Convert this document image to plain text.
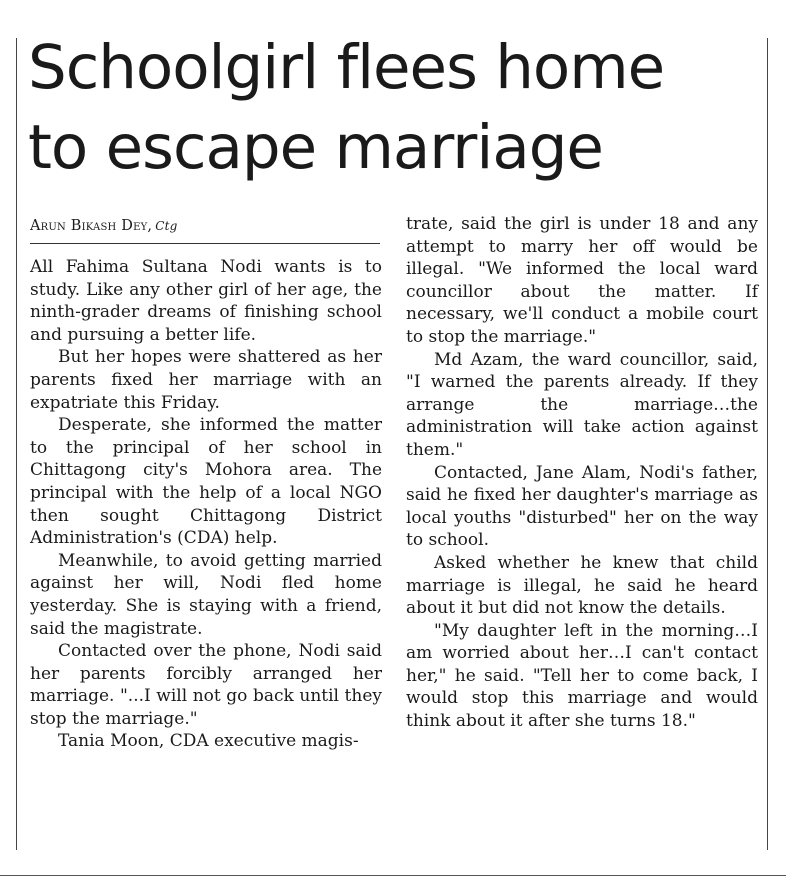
Schoolgirl flees home
to escape marriage
Arun Bikash Dey, Ctg

All Fahima Sultana Nodi wants is to study. Like any other girl of her age, the ninth-grader dreams of finishing school and pursuing a better life.

But her hopes were shattered as her parents fixed her marriage with an expatriate this Friday.

Desperate, she informed the matter to the principal of her school in Chittagong city's Mohora area. The principal with the help of a local NGO then sought Chittagong District Administration's (CDA) help.

Meanwhile, to avoid getting married against her will, Nodi fled home yesterday. She is staying with a friend, said the magistrate.

Contacted over the phone, Nodi said her parents forcibly arranged her marriage. "...I will not go back until they stop the marriage."

Tania Moon, CDA executive magis-

trate, said the girl is under 18 and any attempt to marry her off would be illegal. "We informed the local ward councillor about the matter. If necessary, we'll conduct a mobile court to stop the marriage."

Md Azam, the ward councillor, said, "I warned the parents already. If they arrange the marriage…the administration will take action against them."

Contacted, Jane Alam, Nodi's father, said he fixed her daughter's marriage as local youths "disturbed" her on the way to school.

Asked whether he knew that child marriage is illegal, he said he heard about it but did not know the details.

"My daughter left in the morning…I am worried about her…I can't contact her," he said. "Tell her to come back, I would stop this marriage and would think about it after she turns 18."
